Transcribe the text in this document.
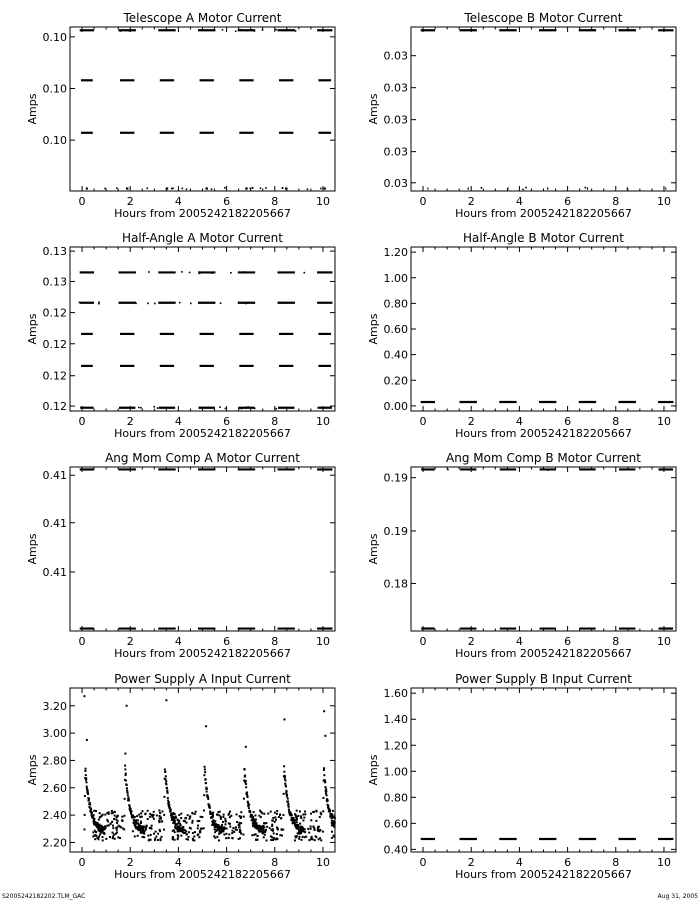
Telescope A Motor Current
0	2	4	6	8	10
0.10
0.10
0.10
Hours from 2005242182205667
Amps
Telescope B Motor Current
0	2	4	6	8	10
0.03
0.03
0.03
0.03
0.03
Hours from 2005242182205667
Amps
Half-Angle A Motor Current
0	2	4	6	8	10
0.12
0.12
0.12
0.12
0.13
0.13
Hours from 2005242182205667
Amps
Half-Angle B Motor Current
0	2	4	6	8	10
0.00
0.20
0.40
0.60
0.80
1.00
1.20
Hours from 2005242182205667
Amps
Ang Mom Comp A Motor Current
0	2	4	6	8	10
0.41
0.41
0.41
Hours from 2005242182205667
Amps
Ang Mom Comp B Motor Current
0	2	4	6	8	10
0.18
0.19
0.19
Hours from 2005242182205667
Amps
Power Supply A Input Current
0	2	4	6	8	10
2.20
2.40
2.60
2.80
3.00
3.20
Hours from 2005242182205667
Amps
Power Supply B Input Current
0	2	4	6	8	10
0.40
0.60
0.80
1.00
1.20
1.40
1.60
Hours from 2005242182205667
Amps
S2005242182202.TLM_GAC	Aug 31, 2005
